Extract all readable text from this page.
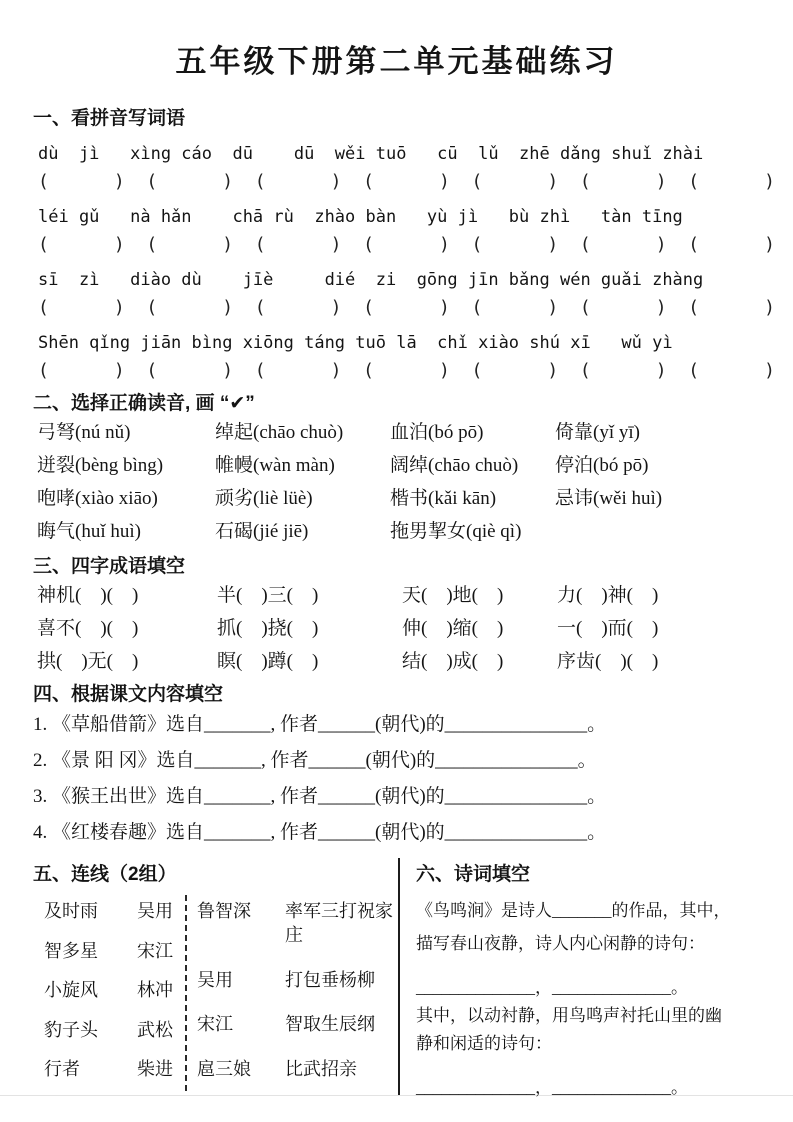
五年级下册第二单元基础练习
一、看拼音写词语
dù  jì   xìng cáo  dū    dū  wěi tuō   cū  lǔ  zhē dǎng shuǐ zhài
(      )  (      )  (      )  (      )  (      )  (      )  (      )
léi gǔ   nà hǎn    chā rù  zhào bàn   yù jì   bù zhì   tàn tīng
(      )  (      )  (      )  (      )  (      )  (      )  (      )
sī  zì   diào dù    jīè     dié  zi  gōng jīn bǎng wén guǎi zhàng
(      )  (      )  (      )  (      )  (      )  (      )  (      )
Shēn qǐng jiān bìng xiōng táng tuō lā  chǐ xiào shú xī   wǔ yì
(      )  (      )  (      )  (      )  (      )  (      )  (      )
二、选择正确读音, 画 “✔”
弓弩(nú nǔ)	绰起(chāo chuò)	血泊(bó pō)	倚靠(yǐ yī)
迸裂(bèng bìng)	帷幔(wàn màn)	阔绰(chāo chuò)	停泊(bó pō)
咆哮(xiào xiāo)	顽劣(liè lüè)	楷书(kǎi kān)	忌讳(wěi huì)
晦气(huǐ huì)	石碣(jié jiē)	拖男挈女(qiè qì)
三、四字成语填空
神机(　)(　)	半(　)三(　)	天(　)地(　)	力(　)神(　)
喜不(　)(　)	抓(　)挠(　)	伸(　)缩(　)	一(　)而(　)
拱(　)无(　)	瞑(　)蹲(　)	结(　)成(　)	序齿(　)(　)
四、根据课文内容填空
1. 《草船借箭》选自_______, 作者______(朝代)的_______________。
2. 《景 阳 冈》选自_______, 作者______(朝代)的_______________。
3. 《猴王出世》选自_______, 作者______(朝代)的_______________。
4. 《红楼春趣》选自_______, 作者______(朝代)的_______________。
五、连线（2组）
及时雨 吴用
智多星 宋江
小旋风 林冲
豹子头 武松
行者	柴进
鲁智深	率军三打祝家庄
吴用	打包垂杨柳
宋江	智取生辰纲
扈三娘	比武招亲
六、诗词填空
《鸟鸣涧》是诗人_______的作品，其中，
描写春山夜静，诗人内心闲静的诗句：
______________，______________。
其中，以动衬静，用鸟鸣声衬托山里的幽
静和闲适的诗句：
______________，______________。
